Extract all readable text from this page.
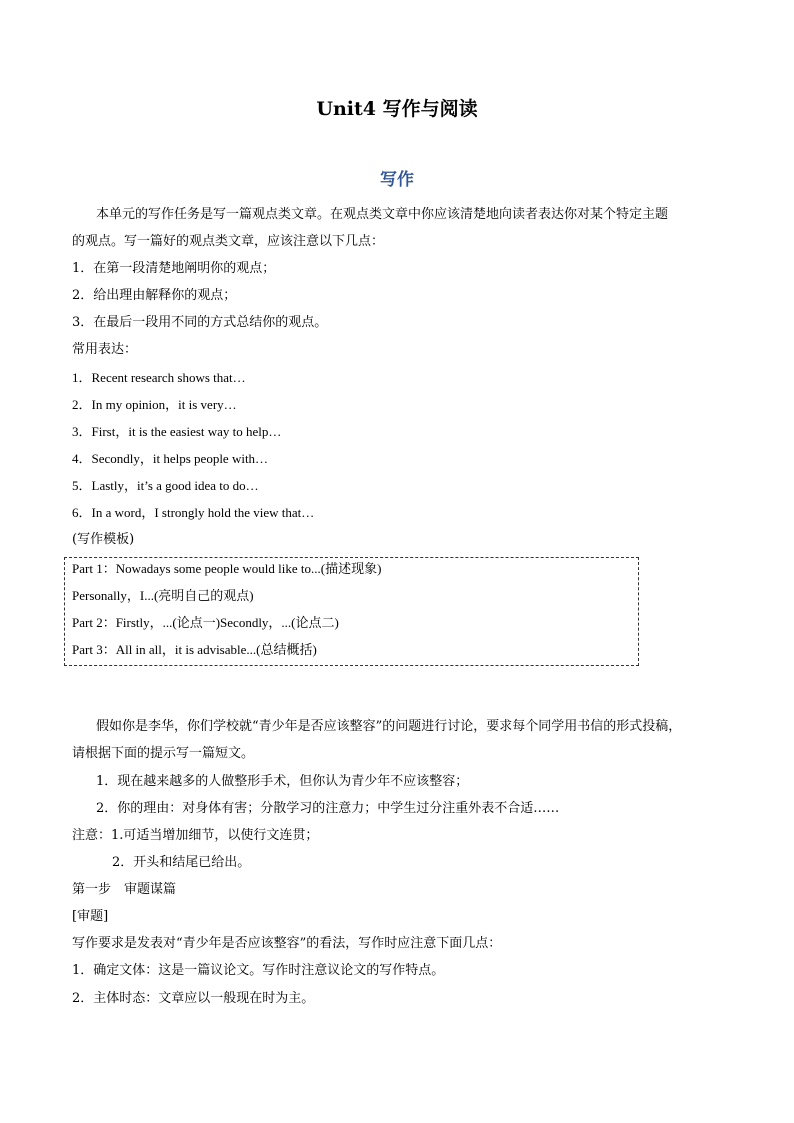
Unit4 写作与阅读
写作
本单元的写作任务是写一篇观点类文章。在观点类文章中你应该清楚地向读者表达你对某个特定主题
的观点。写一篇好的观点类文章，应该注意以下几点：
1．在第一段清楚地阐明你的观点；
2．给出理由解释你的观点；
3．在最后一段用不同的方式总结你的观点。
常用表达：
1．Recent research shows that…
2．In my opinion，it is very…
3．First，it is the easiest way to help…
4．Secondly，it helps people with…
5．Lastly，it’s a good idea to do…
6．In a word，I strongly hold the view that…
(写作模板)
Part 1：Nowadays some people would like to...(描述现象)
Personally，I...(亮明自己的观点)
Part 2：Firstly，...(论点一)Secondly，...(论点二)
Part 3：All in all，it is advisable...(总结概括)
假如你是李华，你们学校就“青少年是否应该整容”的问题进行讨论，要求每个同学用书信的形式投稿，
请根据下面的提示写一篇短文。
1．现在越来越多的人做整形手术，但你认为青少年不应该整容；
2．你的理由：对身体有害；分散学习的注意力；中学生过分注重外表不合适……
注意：1.可适当增加细节，以使行文连贯；
2．开头和结尾已给出。
第一步　审题谋篇
[审题]
写作要求是发表对“青少年是否应该整容”的看法，写作时应注意下面几点：
1．确定文体：这是一篇议论文。写作时注意议论文的写作特点。
2．主体时态：文章应以一般现在时为主。
